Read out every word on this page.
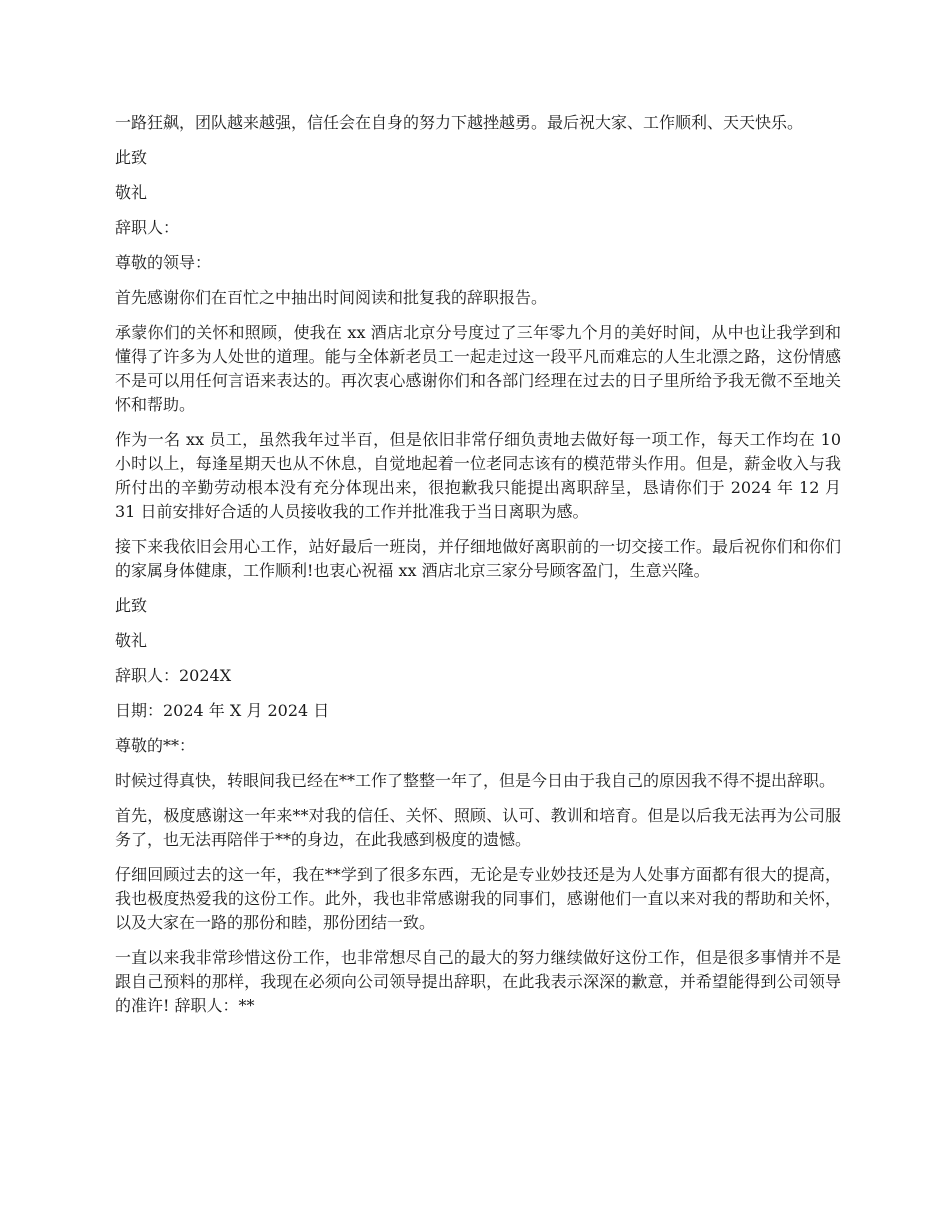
一路狂飙，团队越来越强，信任会在自身的努力下越挫越勇。最后祝大家、工作顺利、天天快乐。

此致

敬礼

辞职人：

尊敬的领导：

首先感谢你们在百忙之中抽出时间阅读和批复我的辞职报告。

承蒙你们的关怀和照顾，使我在 xx 酒店北京分号度过了三年零九个月的美好时间，从中也让我学到和懂得了许多为人处世的道理。能与全体新老员工一起走过这一段平凡而难忘的人生北漂之路，这份情感不是可以用任何言语来表达的。再次衷心感谢你们和各部门经理在过去的日子里所给予我无微不至地关怀和帮助。

作为一名 xx 员工，虽然我年过半百，但是依旧非常仔细负责地去做好每一项工作，每天工作均在 10 小时以上，每逢星期天也从不休息，自觉地起着一位老同志该有的模范带头作用。但是，薪金收入与我所付出的辛勤劳动根本没有充分体现出来，很抱歉我只能提出离职辞呈，恳请你们于 2024 年 12 月 31 日前安排好合适的人员接收我的工作并批准我于当日离职为感。

接下来我依旧会用心工作，站好最后一班岗，并仔细地做好离职前的一切交接工作。最后祝你们和你们的家属身体健康，工作顺利!也衷心祝福 xx 酒店北京三家分号顾客盈门，生意兴隆。

此致

敬礼

辞职人：2024X

日期：2024 年 X 月 2024 日

尊敬的**：

时候过得真快，转眼间我已经在**工作了整整一年了，但是今日由于我自己的原因我不得不提出辞职。

首先，极度感谢这一年来**对我的信任、关怀、照顾、认可、教训和培育。但是以后我无法再为公司服务了，也无法再陪伴于**的身边，在此我感到极度的遗憾。

仔细回顾过去的这一年，我在**学到了很多东西，无论是专业妙技还是为人处事方面都有很大的提高，我也极度热爱我的这份工作。此外，我也非常感谢我的同事们，感谢他们一直以来对我的帮助和关怀，以及大家在一路的那份和睦，那份团结一致。

一直以来我非常珍惜这份工作，也非常想尽自己的最大的努力继续做好这份工作，但是很多事情并不是跟自己预料的那样，我现在必须向公司领导提出辞职，在此我表示深深的歉意，并希望能得到公司领导的准许! 辞职人：**
